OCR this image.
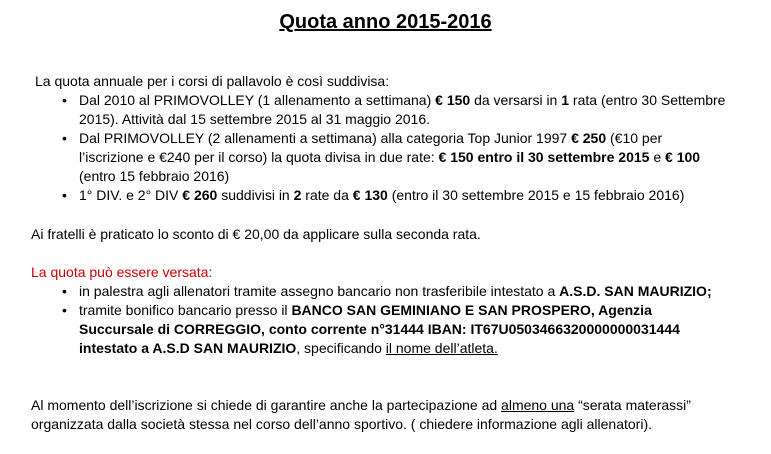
Quota anno 2015-2016

La quota annuale per i corsi di pallavolo è così suddivisa:

• Dal 2010 al PRIMOVOLLEY (1 allenamento a settimana) € 150 da versarsi in 1 rata (entro 30 Settembre 2015). Attività dal 15 settembre 2015 al 31 maggio 2016.
• Dal PRIMOVOLLEY (2 allenamenti a settimana) alla categoria Top Junior 1997 € 250 (€10 per l’iscrizione e €240 per il corso) la quota divisa in due rate: € 150 entro il 30 settembre 2015 e € 100 (entro 15 febbraio 2016)
• 1° DIV. e 2° DIV € 260 suddivisi in 2 rate da € 130 (entro il 30 settembre 2015 e 15 febbraio 2016)

Ai fratelli è praticato lo sconto di € 20,00 da applicare sulla seconda rata.

La quota può essere versata:

• in palestra agli allenatori tramite assegno bancario non trasferibile intestato a A.S.D. SAN MAURIZIO;
• tramite bonifico bancario presso il BANCO SAN GEMINIANO E SAN PROSPERO, Agenzia Succursale di CORREGGIO, conto corrente n°31444 IBAN: IT67U0503466320000000031444 intestato a A.S.D SAN MAURIZIO, specificando il nome dell’atleta.

Al momento dell’iscrizione si chiede di garantire anche la partecipazione ad almeno una “serata materassi” organizzata dalla società stessa nel corso dell’anno sportivo. ( chiedere informazione agli allenatori).
